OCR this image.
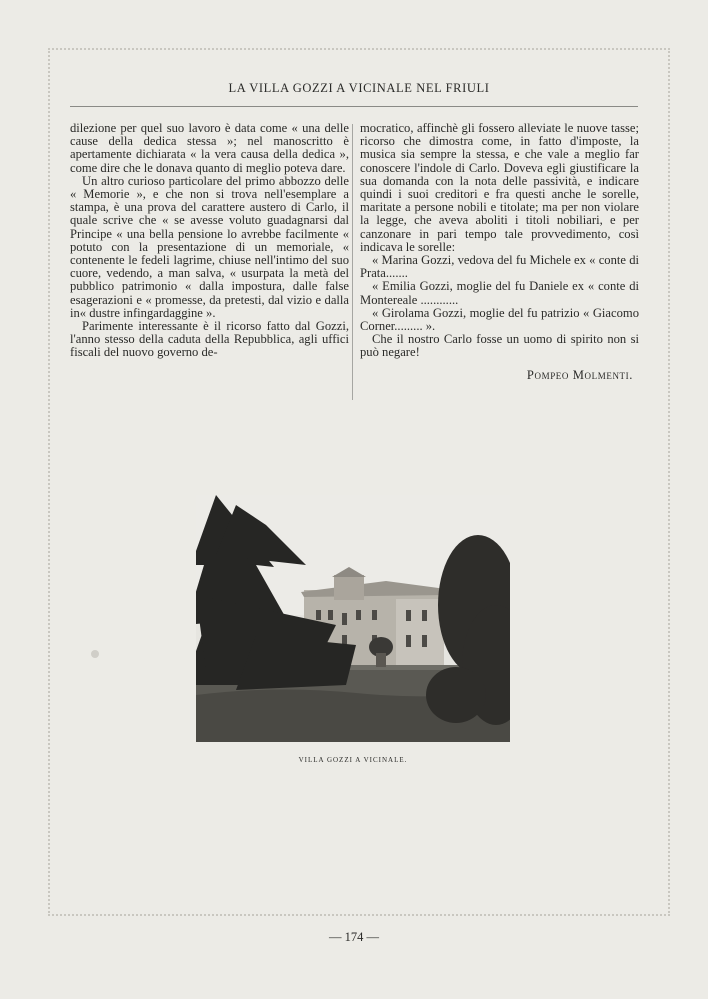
LA VILLA GOZZI A VICINALE NEL FRIULI

dilezione per quel suo lavoro è data come « una delle cause della dedica stessa »; nel manoscritto è apertamente dichiarata « la vera causa della dedica », come dire che le donava quanto di meglio poteva dare.

Un altro curioso particolare del primo abbozzo delle « Memorie », e che non si trova nell'esemplare a stampa, è una prova del carattere austero di Carlo, il quale scrive che « se avesse voluto guadagnarsi dal Principe « una bella pensione lo avrebbe facilmente « potuto con la presentazione di un memoriale, « contenente le fedeli lagrime, chiuse nell'intimo del suo cuore, vedendo, a man salva, « usurpata la metà del pubblico patrimonio « dalla impostura, dalle false esagerazioni e « promesse, da pretesti, dal vizio e dalla in« dustre infingardaggine ».

Parimente interessante è il ricorso fatto dal Gozzi, l'anno stesso della caduta della Repubblica, agli uffici fiscali del nuovo governo de-

mocratico, affinchè gli fossero alleviate le nuove tasse; ricorso che dimostra come, in fatto d'imposte, la musica sia sempre la stessa, e che vale a meglio far conoscere l'indole di Carlo. Doveva egli giustificare la sua domanda con la nota delle passività, e indicare quindi i suoi creditori e fra questi anche le sorelle, maritate a persone nobili e titolate; ma per non violare la legge, che aveva aboliti i titoli nobiliari, e per canzonare in pari tempo tale provvedimento, così indicava le sorelle:

« Marina Gozzi, vedova del fu Michele ex « conte di Prata.......

« Emilia Gozzi, moglie del fu Daniele ex « conte di Montereale ............

« Girolama Gozzi, moglie del fu patrizio « Giacomo Corner......... ».

Che il nostro Carlo fosse un uomo di spirito non si può negare!

Pompeo Molmenti.
VILLA GOZZI A VICINALE.
— 174 —
